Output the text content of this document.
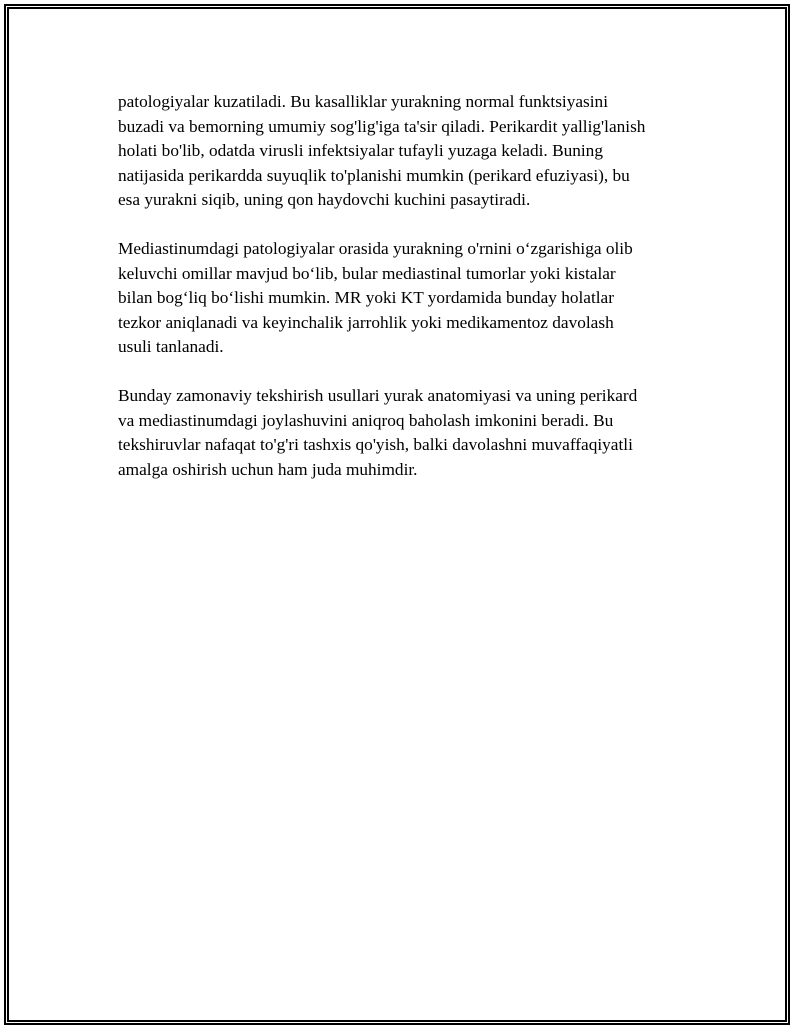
patologiyalar kuzatiladi. Bu kasalliklar yurakning normal funktsiyasini
buzadi va bemorning umumiy sog'lig'iga ta'sir qiladi. Perikardit yallig'lanish
holati bo'lib, odatda virusli infektsiyalar tufayli yuzaga keladi. Buning
natijasida perikardda suyuqlik to'planishi mumkin (perikard efuziyasi), bu
esa yurakni siqib, uning qon haydovchi kuchini pasaytiradi.

Mediastinumdagi patologiyalar orasida yurakning o'rnini o‘zgarishiga olib
keluvchi omillar mavjud bo‘lib, bular mediastinal tumorlar yoki kistalar
bilan bog‘liq bo‘lishi mumkin. MR yoki KT yordamida bunday holatlar
tezkor aniqlanadi va keyinchalik jarrohlik yoki medikamentoz davolash
usuli tanlanadi.

Bunday zamonaviy tekshirish usullari yurak anatomiyasi va uning perikard
va mediastinumdagi joylashuvini aniqroq baholash imkonini beradi. Bu
tekshiruvlar nafaqat to'g'ri tashxis qo'yish, balki davolashni muvaffaqiyatli
amalga oshirish uchun ham juda muhimdir.
